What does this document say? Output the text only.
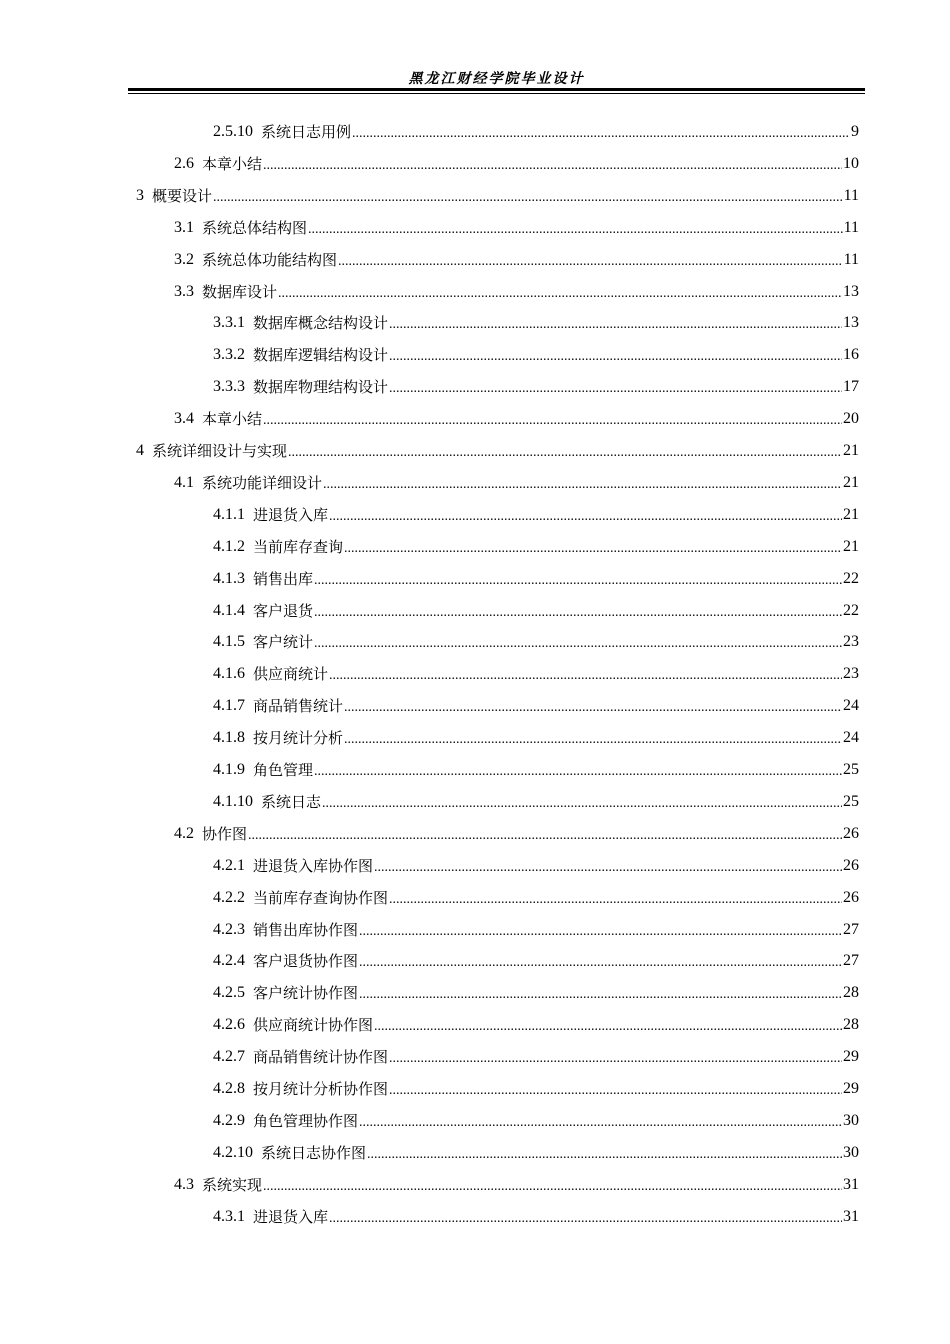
黑龙江财经学院毕业设计
2.5.10 系统日志用例 .....	9
2.6 本章小结 .....	10
3 概要设计 .....	11
3.1 系统总体结构图 .....	11
3.2 系统总体功能结构图 .....	11
3.3 数据库设计 .....	13
3.3.1 数据库概念结构设计 .....	13
3.3.2 数据库逻辑结构设计 .....	16
3.3.3 数据库物理结构设计 .....	17
3.4 本章小结 .....	20
4 系统详细设计与实现 .....	21
4.1 系统功能详细设计 .....	21
4.1.1 进退货入库 .....	21
4.1.2 当前库存查询 .....	21
4.1.3 销售出库 .....	22
4.1.4 客户退货 .....	22
4.1.5 客户统计 .....	23
4.1.6 供应商统计 .....	23
4.1.7 商品销售统计 .....	24
4.1.8 按月统计分析 .....	24
4.1.9 角色管理 .....	25
4.1.10 系统日志 .....	25
4.2 协作图 .....	26
4.2.1 进退货入库协作图 .....	26
4.2.2 当前库存查询协作图 .....	26
4.2.3 销售出库协作图 .....	27
4.2.4 客户退货协作图 .....	27
4.2.5 客户统计协作图 .....	28
4.2.6 供应商统计协作图 .....	28
4.2.7 商品销售统计协作图 .....	29
4.2.8 按月统计分析协作图 .....	29
4.2.9 角色管理协作图 .....	30
4.2.10 系统日志协作图 .....	30
4.3 系统实现 .....	31
4.3.1 进退货入库 .....	31
